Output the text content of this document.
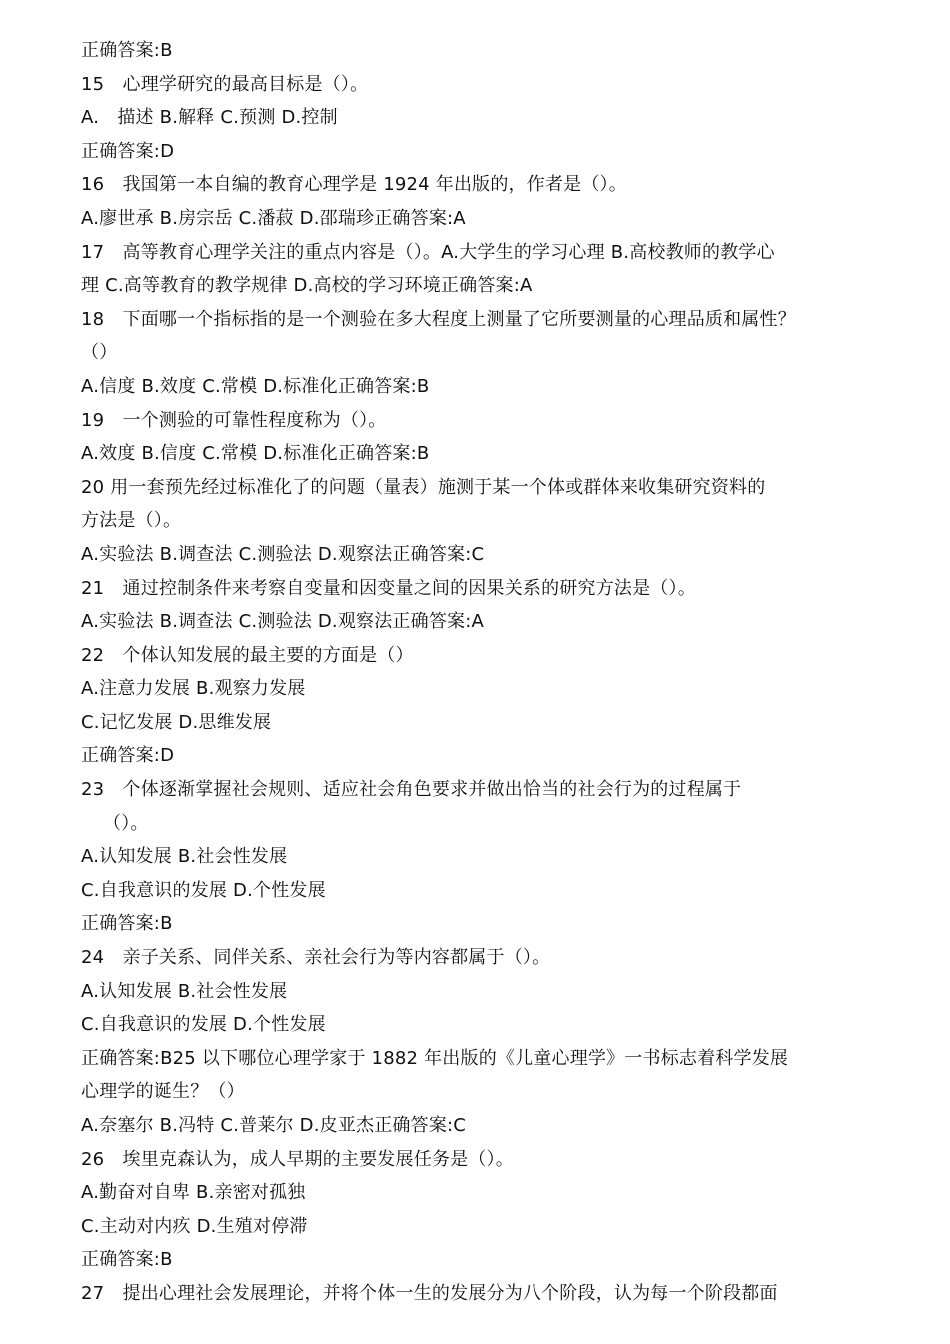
正确答案:B
15　心理学研究的最高目标是（）。
A.　描述 B.解释 C.预测 D.控制
正确答案:D
16　我国第一本自编的教育心理学是 1924 年出版的，作者是（）。
A.廖世承 B.房宗岳 C.潘菽 D.邵瑞珍正确答案:A
17　高等教育心理学关注的重点内容是（）。A.大学生的学习心理 B.高校教师的教学心
理 C.高等教育的教学规律 D.高校的学习环境正确答案:A
18　下面哪一个指标指的是一个测验在多大程度上测量了它所要测量的心理品质和属性？
（）
A.信度 B.效度 C.常模 D.标准化正确答案:B
19　一个测验的可靠性程度称为（）。
A.效度 B.信度 C.常模 D.标准化正确答案:B
20 用一套预先经过标准化了的问题（量表）施测于某一个体或群体来收集研究资料的
方法是（）。
A.实验法 B.调查法 C.测验法 D.观察法正确答案:C
21　通过控制条件来考察自变量和因变量之间的因果关系的研究方法是（）。
A.实验法 B.调查法 C.测验法 D.观察法正确答案:A
22　个体认知发展的最主要的方面是（）
A.注意力发展 B.观察力发展
C.记忆发展 D.思维发展
正确答案:D
23　个体逐渐掌握社会规则、适应社会角色要求并做出恰当的社会行为的过程属于
（）。
A.认知发展 B.社会性发展
C.自我意识的发展 D.个性发展
正确答案:B
24　亲子关系、同伴关系、亲社会行为等内容都属于（）。
A.认知发展 B.社会性发展
C.自我意识的发展 D.个性发展
正确答案:B25 以下哪位心理学家于 1882 年出版的《儿童心理学》一书标志着科学发展
心理学的诞生？（）
A.奈塞尔 B.冯特 C.普莱尔 D.皮亚杰正确答案:C
26　埃里克森认为，成人早期的主要发展任务是（）。
A.勤奋对自卑 B.亲密对孤独
C.主动对内疚 D.生殖对停滞
正确答案:B
27　提出心理社会发展理论，并将个体一生的发展分为八个阶段，认为每一个阶段都面
